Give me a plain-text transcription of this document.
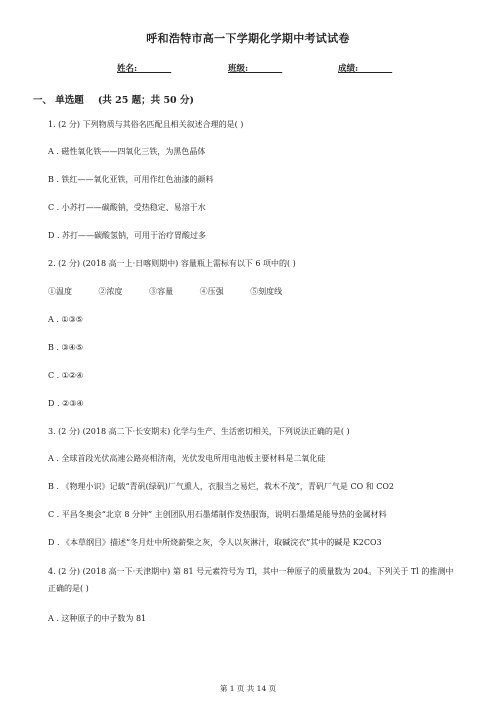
呼和浩特市高一下学期化学期中考试试卷
姓名:________	班级:________	成绩:________
一、 单选题 (共 25 题；共 50 分)
1. (2 分) 下列物质与其俗名匹配且相关叙述合理的是( )
A . 磁性氧化铁——四氧化三铁，为黑色晶体
B . 铁红——氧化亚铁，可用作红色油漆的颜料
C . 小苏打——碳酸钠，受热稳定、易溶于水
D . 苏打——碳酸氢钠，可用于治疗胃酸过多
2. (2 分) (2018 高一上·日喀则期中) 容量瓶上需标有以下 6 项中的( )
①温度	②浓度	③容量	④压强	⑤刻度线
A . ①③⑤
B . ③④⑤
C . ①②④
D . ②③④
3. (2 分) (2018 高二下·长安期末) 化学与生产、生活密切相关，下列说法正确的是( )
A . 全球首段光伏高速公路亮相济南，光伏发电所用电池板主要材料是二氧化硅
B . 《物理小识》记载“青矾(绿矾)厂气熏人，衣服当之易烂，栽木不茂”，青矾厂气是 CO 和 CO2
C . 平昌冬奥会“北京 8 分钟” 主创团队用石墨烯制作发热服饰，说明石墨烯是能导热的金属材料
D . 《本草纲目》描述“冬月灶中所烧薪柴之灰，令人以灰淋汁，取碱浣衣”其中的碱是 K2CO3
4. (2 分) (2018 高一下·天津期中) 第 81 号元素符号为 Tl，其中一种原子的质量数为 204。下列关于 Tl 的推测中正确的是( )
A . 这种原子的中子数为 81
第 1 页 共 14 页
